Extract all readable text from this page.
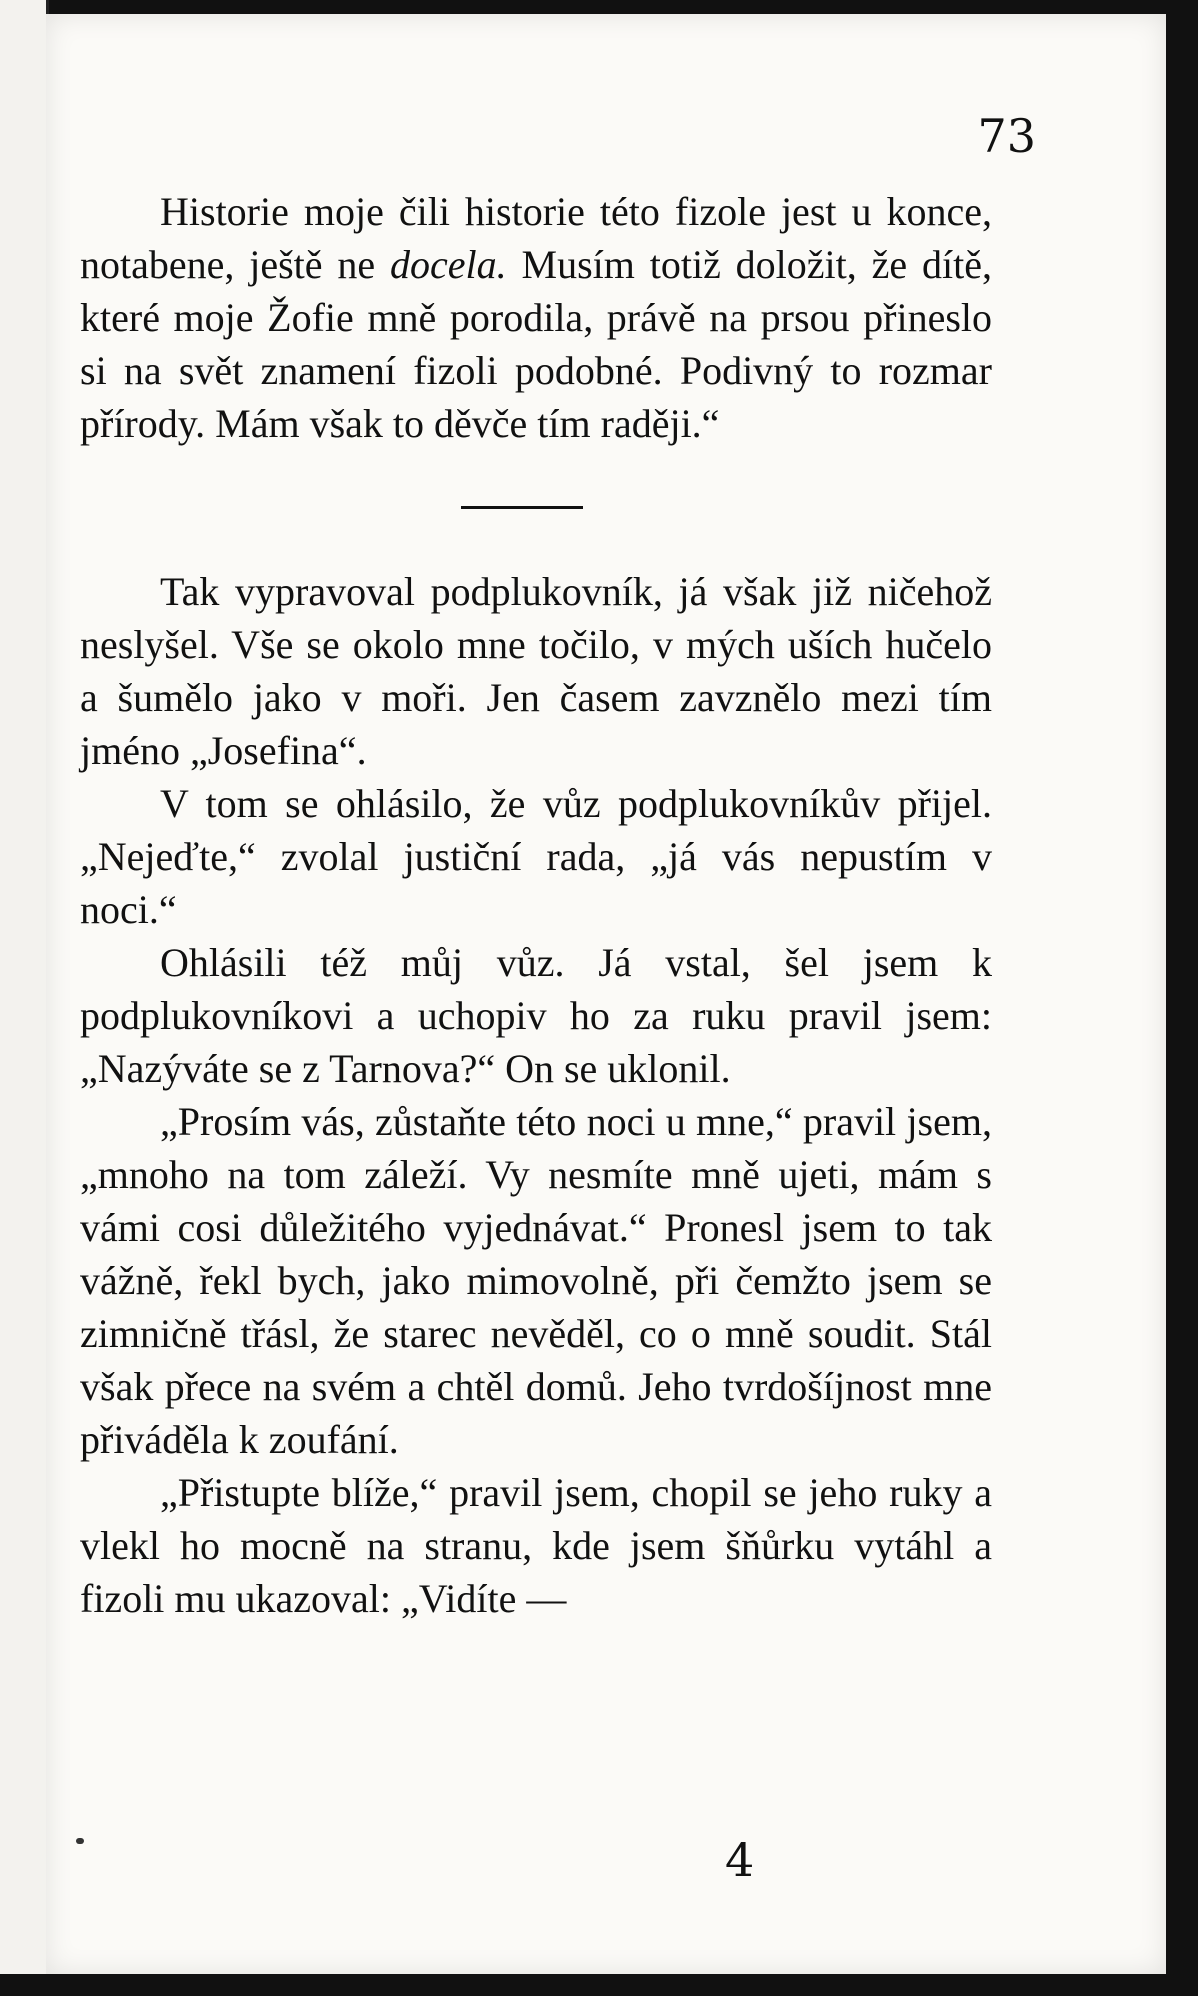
73

Historie moje čili historie této fizole jest u konce, notabene, ještě ne docela. Musím totiž doložit, že dítě, které moje Žofie mně porodila, právě na prsou přineslo si na svět znamení fizoli podobné. Podivný to rozmar přírody. Mám však to děvče tím raději.“

Tak vypravoval podplukovník, já však již ničehož neslyšel. Vše se okolo mne točilo, v mých uších hučelo a šumělo jako v moři. Jen časem zavznělo mezi tím jméno „Josefina“.

V tom se ohlásilo, že vůz podplukovníkův přijel. „Nejeďte,“ zvolal justiční rada, „já vás nepustím v noci.“

Ohlásili též můj vůz. Já vstal, šel jsem k podplukovníkovi a uchopiv ho za ruku pravil jsem: „Nazýváte se z Tarnova?“ On se uklonil.

„Prosím vás, zůstaňte této noci u mne,“ pravil jsem, „mnoho na tom záleží. Vy nesmíte mně ujeti, mám s vámi cosi důležitého vyjednávat.“ Pronesl jsem to tak vážně, řekl bych, jako mimovolně, při čemžto jsem se zimničně třásl, že starec nevěděl, co o mně soudit. Stál však přece na svém a chtěl domů. Jeho tvrdošíjnost mne přiváděla k zoufání.

„Přistupte blíže,“ pravil jsem, chopil se jeho ruky a vlekl ho mocně na stranu, kde jsem šňůrku vytáhl a fizoli mu ukazoval: „Vidíte —

4
